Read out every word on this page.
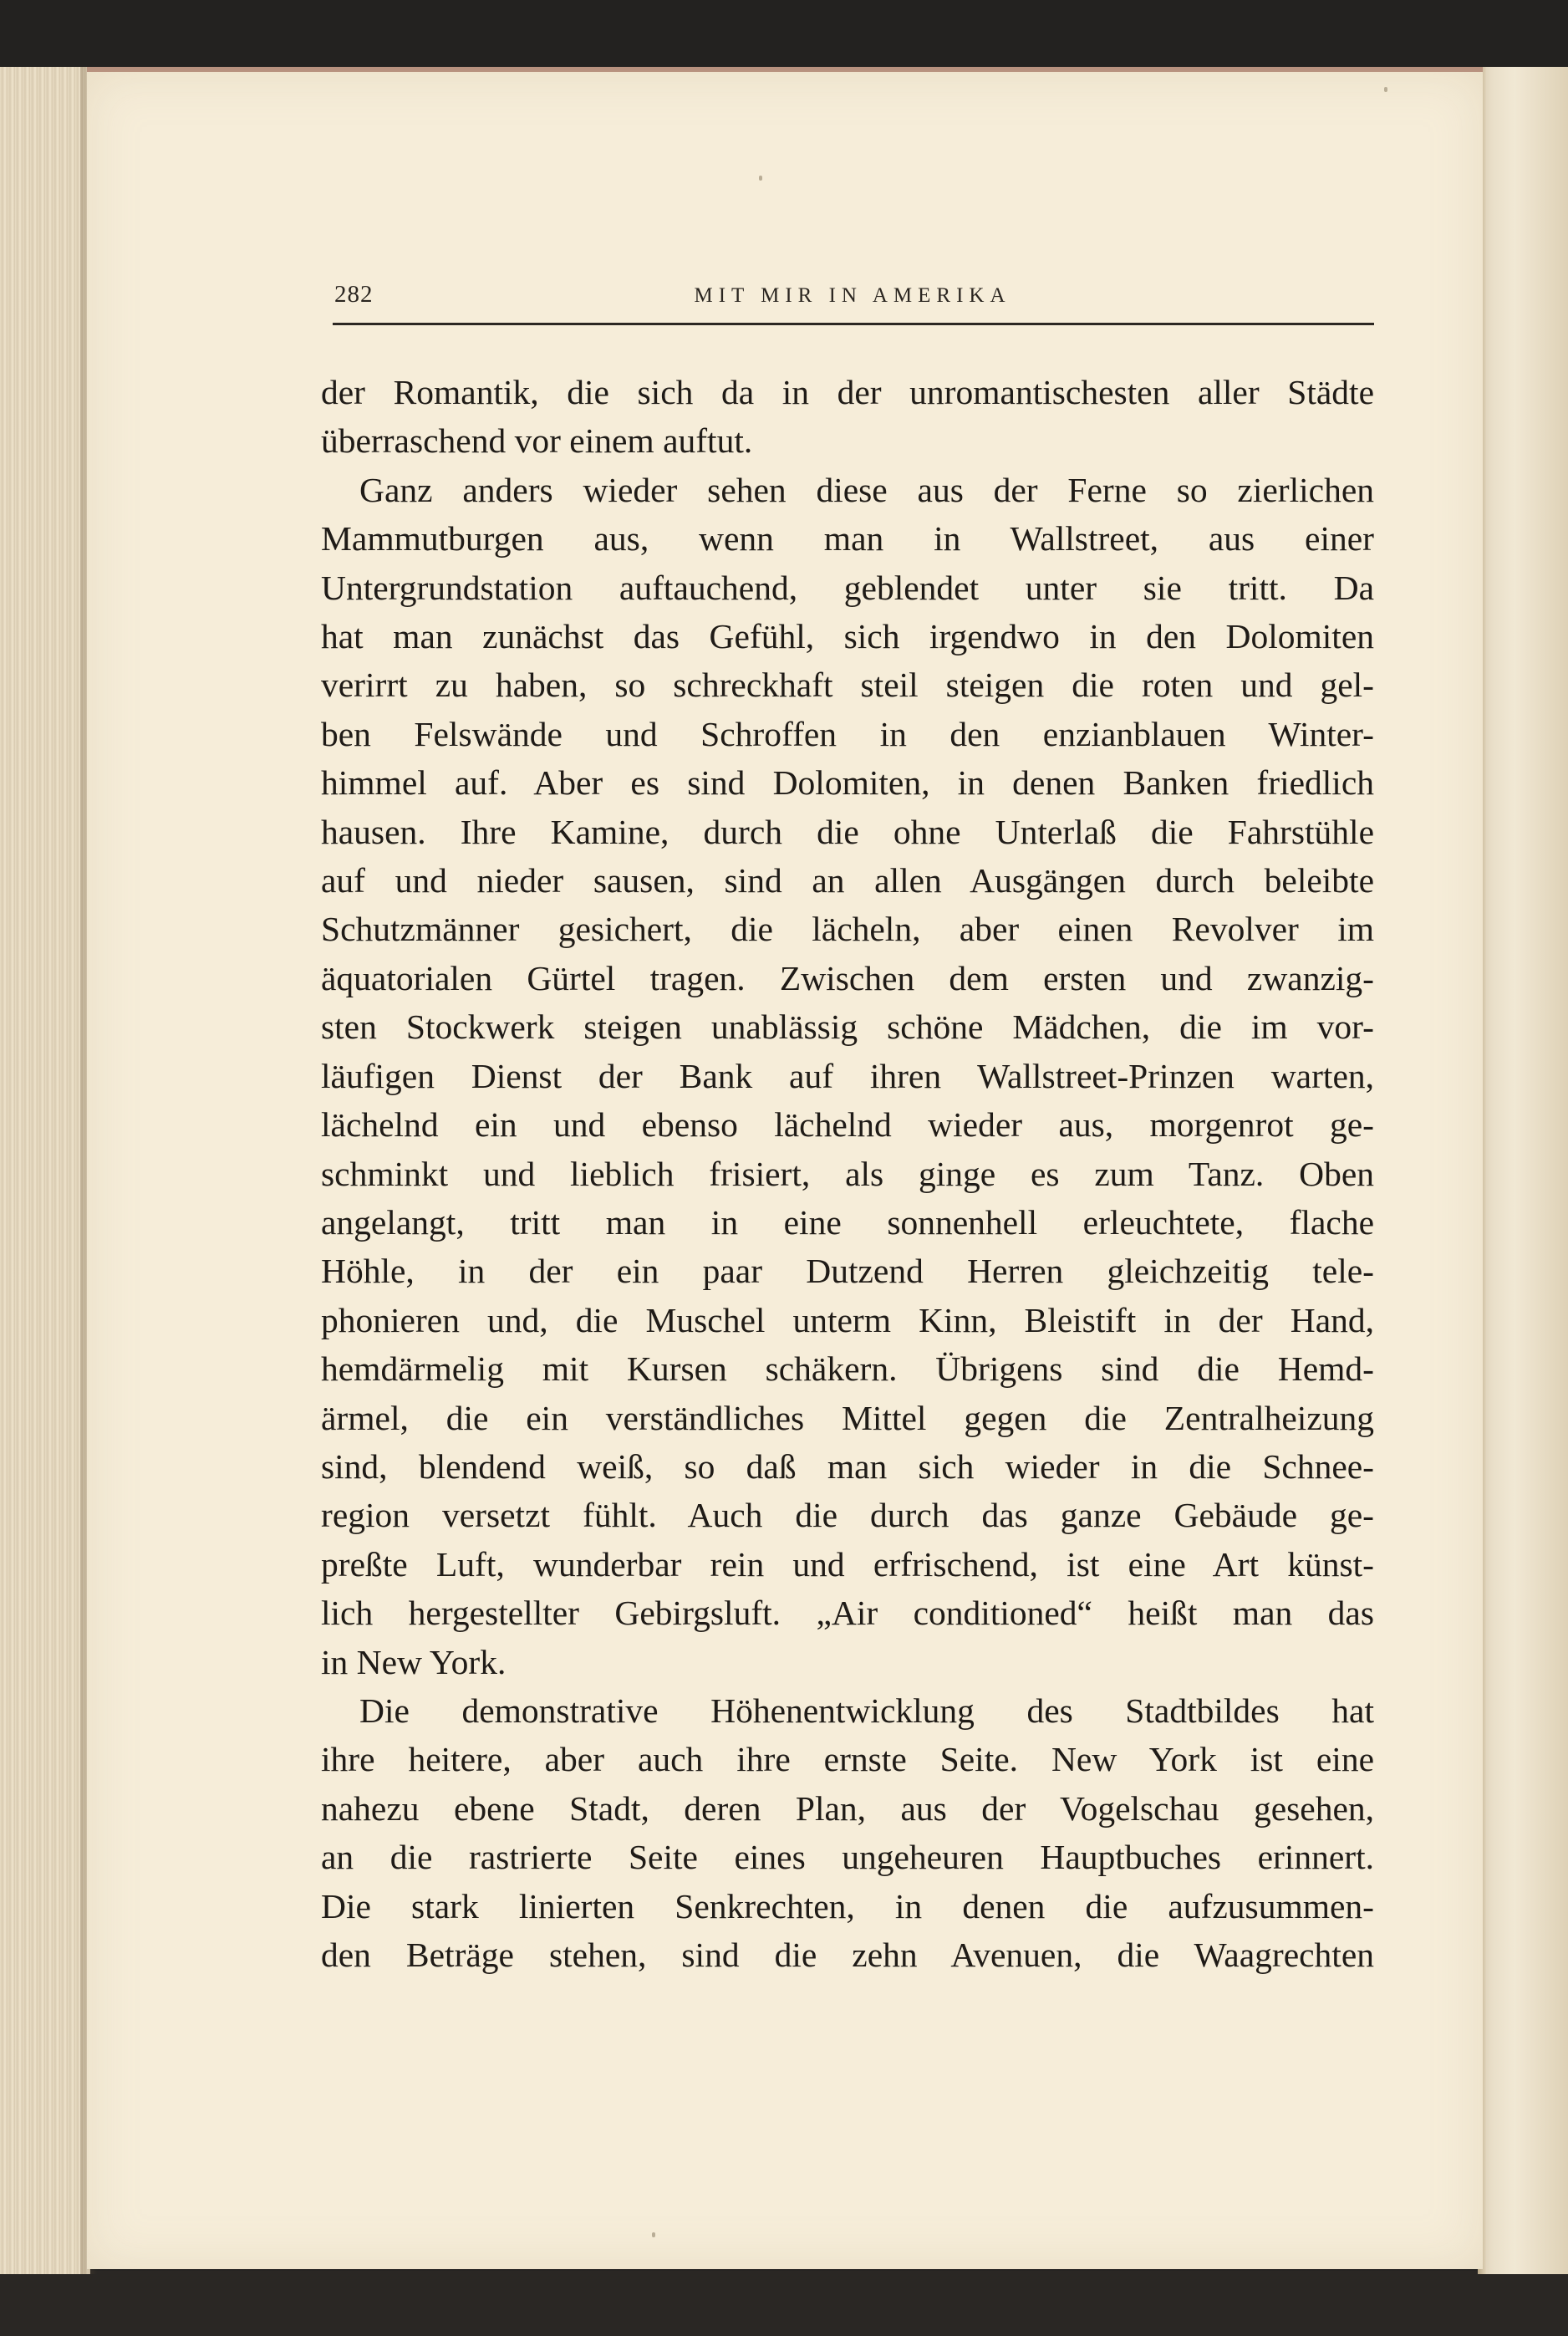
282	MIT MIR IN AMERIKA

der Romantik, die sich da in der unromantischesten aller Städte
überraschend vor einem auftut.

Ganz anders wieder sehen diese aus der Ferne so zierlichen
Mammutburgen aus, wenn man in Wallstreet, aus einer
Untergrundstation auftauchend, geblendet unter sie tritt. Da
hat man zunächst das Gefühl, sich irgendwo in den Dolomiten
verirrt zu haben, so schreckhaft steil steigen die roten und gel-
ben Felswände und Schroffen in den enzianblauen Winter-
himmel auf. Aber es sind Dolomiten, in denen Banken friedlich
hausen. Ihre Kamine, durch die ohne Unterlaß die Fahrstühle
auf und nieder sausen, sind an allen Ausgängen durch beleibte
Schutzmänner gesichert, die lächeln, aber einen Revolver im
äquatorialen Gürtel tragen. Zwischen dem ersten und zwanzig-
sten Stockwerk steigen unablässig schöne Mädchen, die im vor-
läufigen Dienst der Bank auf ihren Wallstreet-Prinzen warten,
lächelnd ein und ebenso lächelnd wieder aus, morgenrot ge-
schminkt und lieblich frisiert, als ginge es zum Tanz. Oben
angelangt, tritt man in eine sonnenhell erleuchtete, flache
Höhle, in der ein paar Dutzend Herren gleichzeitig tele-
phonieren und, die Muschel unterm Kinn, Bleistift in der Hand,
hemdärmelig mit Kursen schäkern. Übrigens sind die Hemd-
ärmel, die ein verständliches Mittel gegen die Zentralheizung
sind, blendend weiß, so daß man sich wieder in die Schnee-
region versetzt fühlt. Auch die durch das ganze Gebäude ge-
preßte Luft, wunderbar rein und erfrischend, ist eine Art künst-
lich hergestellter Gebirgsluft. „Air conditioned“ heißt man das
in New York.

Die demonstrative Höhenentwicklung des Stadtbildes hat
ihre heitere, aber auch ihre ernste Seite. New York ist eine
nahezu ebene Stadt, deren Plan, aus der Vogelschau gesehen,
an die rastrierte Seite eines ungeheuren Hauptbuches erinnert.
Die stark linierten Senkrechten, in denen die aufzusummen-
den Beträge stehen, sind die zehn Avenuen, die Waagrechten
